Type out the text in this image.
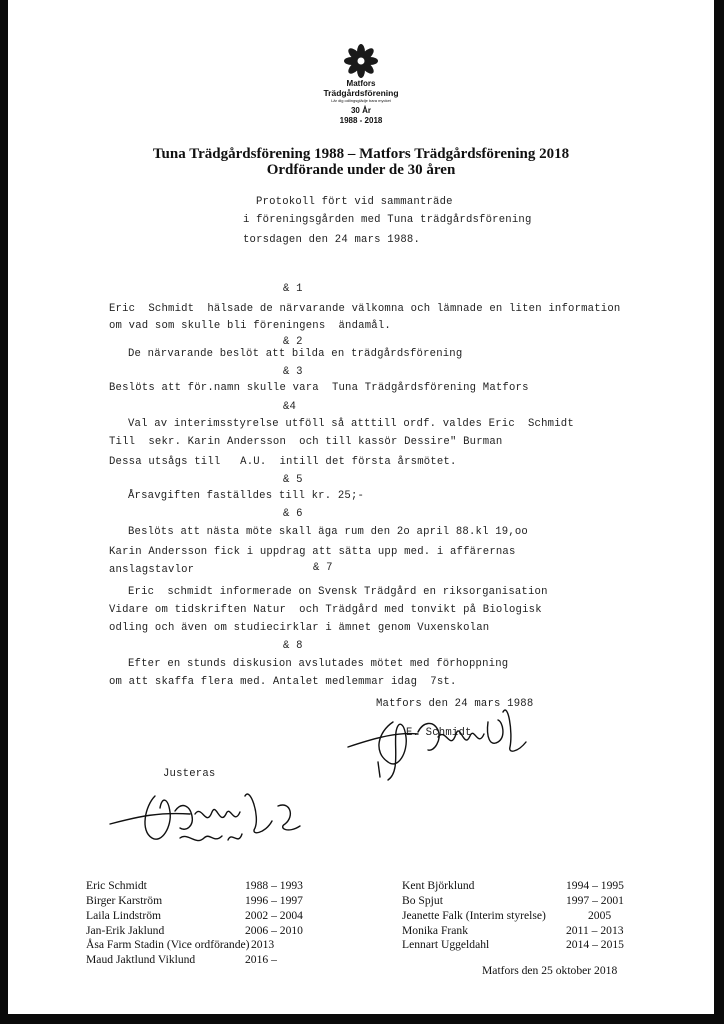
Matfors
Trädgårdsförening
Lär dig odlingsglädje bara mycket
30 År
1988 - 2018
Tuna Trädgårdsförening 1988 – Matfors Trädgårdsförening 2018
Ordförande under de 30 åren
Protokoll fört vid sammanträde
i föreningsgården med Tuna trädgårdsförening
torsdagen den 24 mars 1988.
& 1
Eric  Schmidt  hälsade de närvarande välkomna och lämnade en liten information
om vad som skulle bli föreningens  ändamål.
& 2
De närvarande beslöt att bilda en trädgårdsförening
& 3
Beslöts att för.namn skulle vara  Tuna Trädgårdsförening Matfors
&4
Val av interimsstyrelse utföll så atttill ordf. valdes Eric  Schmidt
Till  sekr. Karin Andersson  och till kassör Dessire" Burman
Dessa utsågs till   A.U.  intill det första årsmötet.
& 5
Årsavgiften faställdes till kr. 25;-
& 6
Beslöts att nästa möte skall äga rum den 2o april 88.kl 19,oo
Karin Andersson fick i uppdrag att sätta upp med. i affärernas
anslagstavlor	& 7
Eric  schmidt informerade on Svensk Trädgård en riksorganisation
Vidare om tidskriften Natur  och Trädgård med tonvikt på Biologisk
odling och även om studiecirklar i ämnet genom Vuxenskolan
& 8
Efter en stunds diskusion avslutades mötet med förhoppning
om att skaffa flera med. Antalet medlemmar idag  7st.
Matfors den 24 mars 1988
E. Schmidt
Justeras
Eric Schmidt	1988 – 1993
Birger Karström	1996 – 1997
Laila Lindström	2002 – 2004
Jan-Erik Jaklund	2006 – 2010
Åsa Farm Stadin (Vice ordförande) 2013
Maud Jaktlund Viklund	2016 –
Kent Björklund	1994 – 1995
Bo Spjut	1997 – 2001
Jeanette Falk (Interim styrelse)	2005
Monika Frank	2011 – 2013
Lennart Uggeldahl	2014 – 2015
Matfors den 25 oktober 2018
